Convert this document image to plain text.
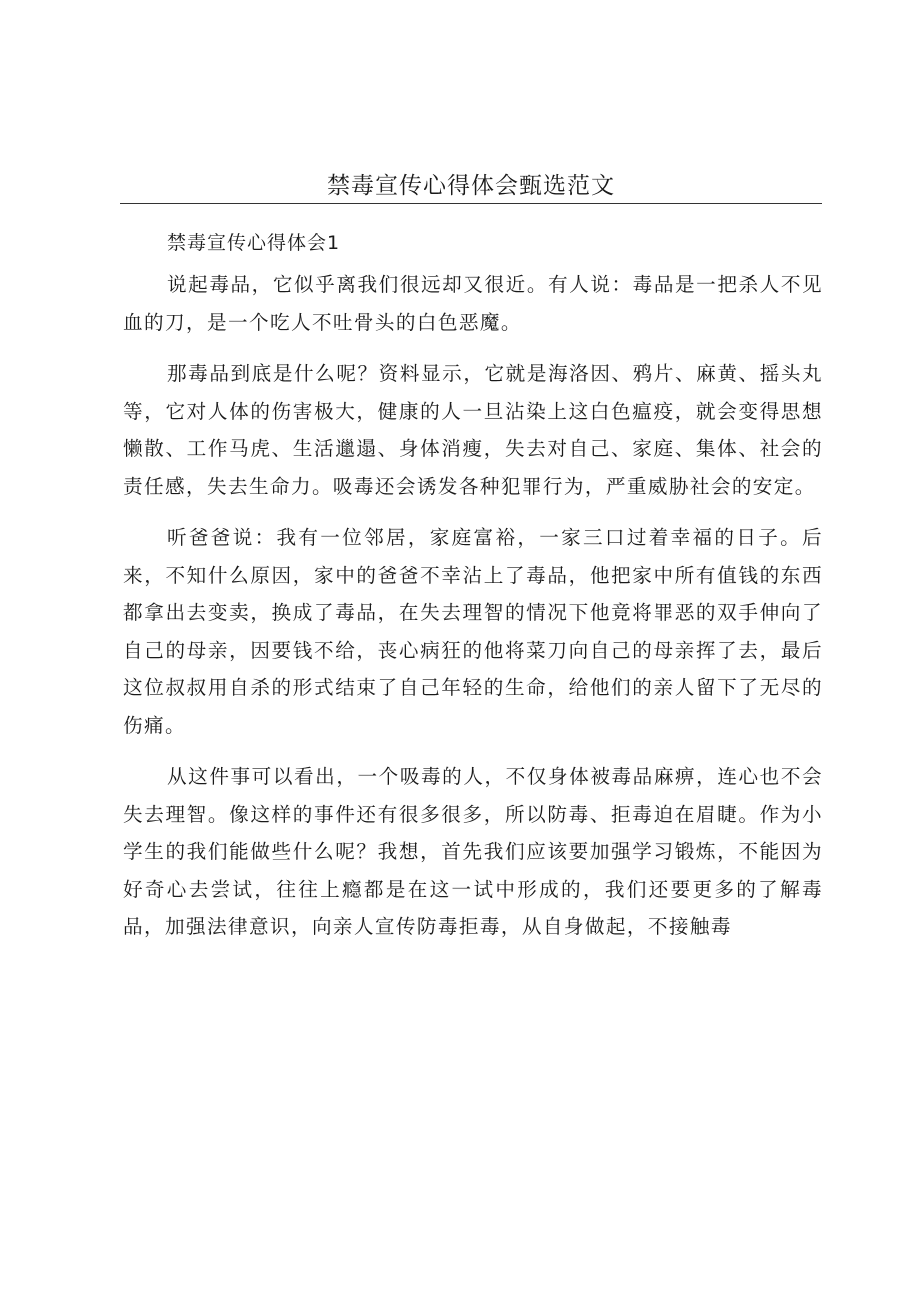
禁毒宣传心得体会甄选范文

禁毒宣传心得体会1

说起毒品，它似乎离我们很远却又很近。有人说：毒品是一把杀人不见血的刀，是一个吃人不吐骨头的白色恶魔。

那毒品到底是什么呢？资料显示，它就是海洛因、鸦片、麻黄、摇头丸等，它对人体的伤害极大，健康的人一旦沾染上这白色瘟疫，就会变得思想懒散、工作马虎、生活邋遢、身体消瘦，失去对自己、家庭、集体、社会的责任感，失去生命力。吸毒还会诱发各种犯罪行为，严重威胁社会的安定。

听爸爸说：我有一位邻居，家庭富裕，一家三口过着幸福的日子。后来，不知什么原因，家中的爸爸不幸沾上了毒品，他把家中所有值钱的东西都拿出去变卖，换成了毒品，在失去理智的情况下他竟将罪恶的双手伸向了自己的母亲，因要钱不给，丧心病狂的他将菜刀向自己的母亲挥了去，最后这位叔叔用自杀的形式结束了自己年轻的生命，给他们的亲人留下了无尽的伤痛。

从这件事可以看出，一个吸毒的人，不仅身体被毒品麻痹，连心也不会失去理智。像这样的事件还有很多很多，所以防毒、拒毒迫在眉睫。作为小学生的我们能做些什么呢？我想，首先我们应该要加强学习锻炼，不能因为好奇心去尝试，往往上瘾都是在这一试中形成的，我们还要更多的了解毒品，加强法律意识，向亲人宣传防毒拒毒，从自身做起，不接触毒
